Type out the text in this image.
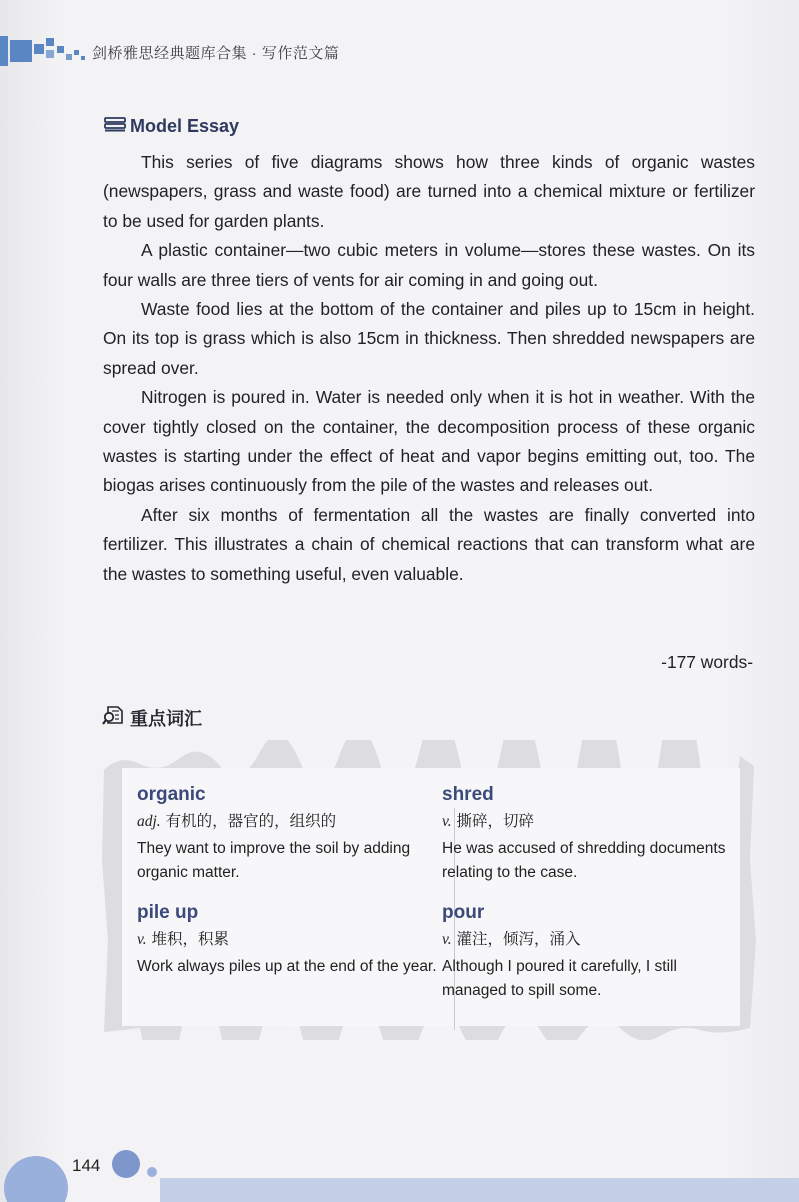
剑桥雅思经典题库合集 · 写作范文篇
Model Essay

This series of five diagrams shows how three kinds of organic wastes (newspapers, grass and waste food) are turned into a chemical mixture or fertilizer to be used for garden plants.

A plastic container—two cubic meters in volume—stores these wastes. On its four walls are three tiers of vents for air coming in and going out.

Waste food lies at the bottom of the container and piles up to 15cm in height. On its top is grass which is also 15cm in thickness. Then shredded newspapers are spread over.

Nitrogen is poured in. Water is needed only when it is hot in weather. With the cover tightly closed on the container, the decomposition process of these organic wastes is starting under the effect of heat and vapor begins emitting out, too. The biogas arises continuously from the pile of the wastes and releases out.

After six months of fermentation all the wastes are finally converted into fertilizer. This illustrates a chain of chemical reactions that can transform what are the wastes to something useful, even valuable.

-177 words-
重点词汇
organic
adj. 有机的，器官的，组织的
They want to improve the soil by adding organic matter.
shred
v. 撕碎，切碎
He was accused of shredding documents relating to the case.
pile up
v. 堆积，积累
Work always piles up at the end of the year.
pour
v. 灌注，倾泻，涌入
Although I poured it carefully, I still managed to spill some.
144
